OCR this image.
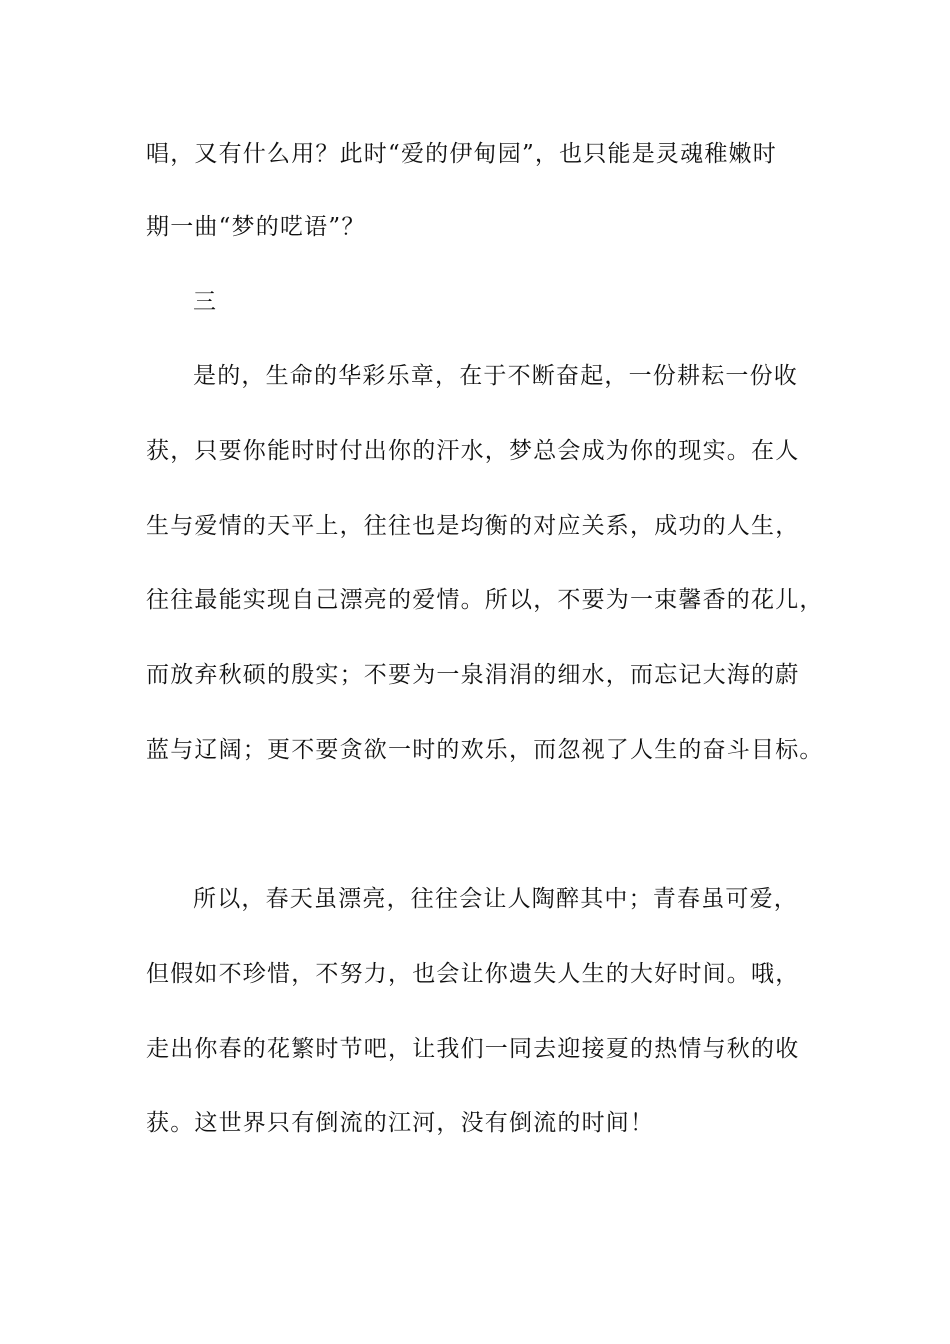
唱，又有什么用？此时“爱的伊甸园”，也只能是灵魂稚嫩时
期一曲“梦的呓语”？
三
是的，生命的华彩乐章，在于不断奋起，一份耕耘一份收
获，只要你能时时付出你的汗水，梦总会成为你的现实。在人
生与爱情的天平上，往往也是均衡的对应关系，成功的人生，
往往最能实现自己漂亮的爱情。所以，不要为一束馨香的花儿，
而放弃秋硕的殷实；不要为一泉涓涓的细水，而忘记大海的蔚
蓝与辽阔；更不要贪欲一时的欢乐，而忽视了人生的奋斗目标。
所以，春天虽漂亮，往往会让人陶醉其中；青春虽可爱，
但假如不珍惜，不努力，也会让你遗失人生的大好时间。哦，
走出你春的花繁时节吧，让我们一同去迎接夏的热情与秋的收
获。这世界只有倒流的江河，没有倒流的时间！
